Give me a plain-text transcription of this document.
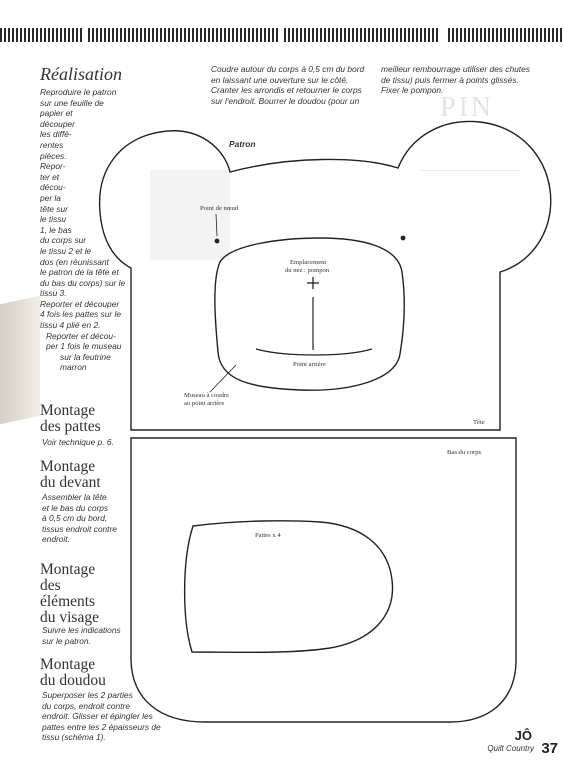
PIN
Réalisation
Reproduire le patron
sur une feuille de
papier et
découper
les diffé-
rentes
pièces.
Repor-
ter et
décou-
per la
tête sur
le tissu
1, le bas
du corps sur
le tissu 2 et le
dos (en réunissant
le patron de la tête et
du bas du corps) sur le
tissu 3.
Reporter et découper
4 fois les pattes sur le
tissu 4 plié en 2.
Reporter et décou-
per 1 fois le museau
sur la feutrine
marron
Montage
des pattes
Voir technique p. 6.
Montage
du devant
Assembler la tête
et le bas du corps
à 0,5 cm du bord,
tissus endroit contre
endroit.
Montage
des
éléments
du visage
Suivre les indications
sur le patron.
Montage
du doudou
Superposer les 2 parties
du corps, endroit contre
endroit. Glisser et épingler les
pattes entre les 2 épaisseurs de
tissu (schéma 1).
Coudre autour du corps à 0,5 cm du bord
en laissant une ouverture sur le côté.
Cranter les arrondis et retourner le corps
sur l'endroit. Bourrer le doudou (pour un
meilleur rembourrage utiliser des chutes
de tissu) puis fermer à points glissés.
Fixer le pompon.
Patron
Point de nœud
Emplacement
du nez : pompon
Point arrière
Museau à coudre
au point arrière
Tête
Bas du corps
Pattes x 4
JÔ
Quilt Country 37
